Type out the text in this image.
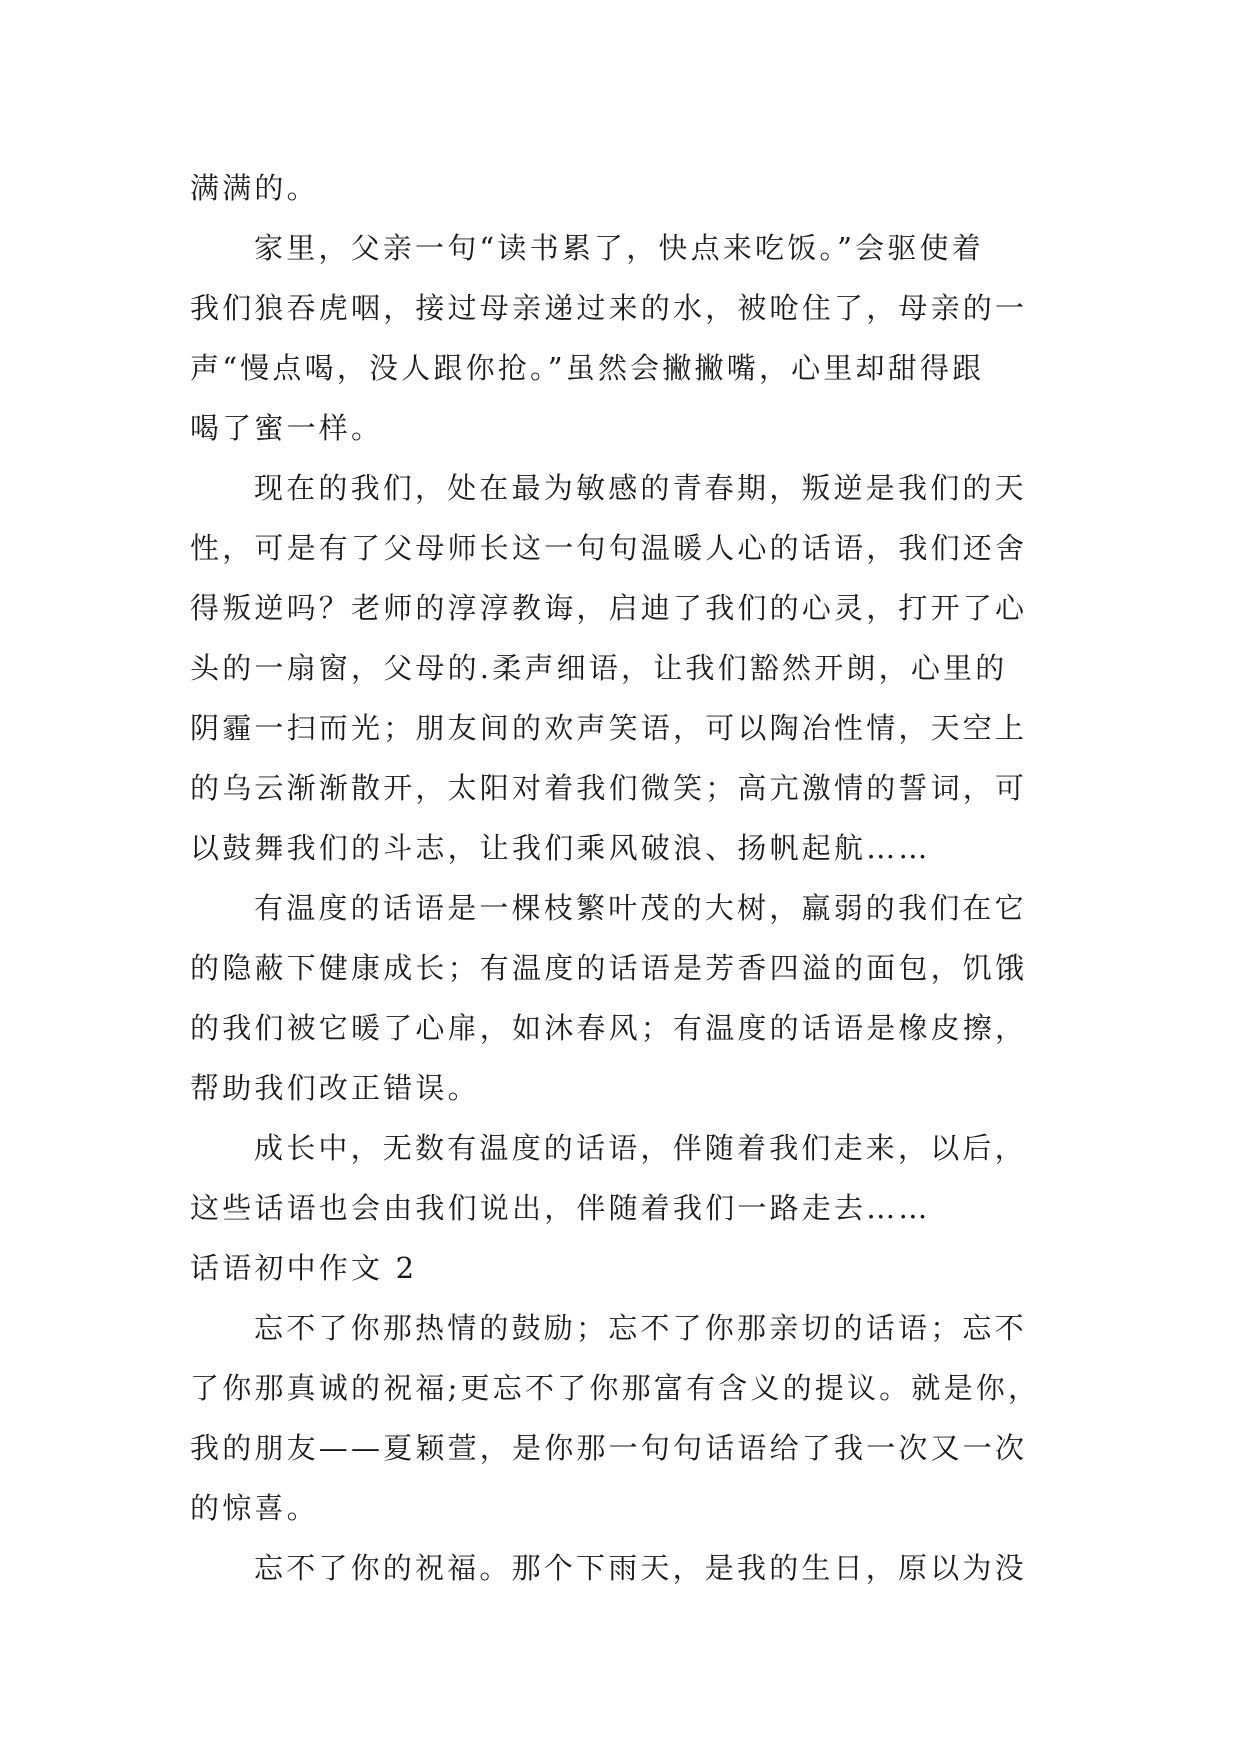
满满的。
家里，父亲一句“读书累了，快点来吃饭。”会驱使着
我们狼吞虎咽，接过母亲递过来的水，被呛住了，母亲的一
声“慢点喝，没人跟你抢。”虽然会撇撇嘴，心里却甜得跟
喝了蜜一样。
现在的我们，处在最为敏感的青春期，叛逆是我们的天
性，可是有了父母师长这一句句温暖人心的话语，我们还舍
得叛逆吗？老师的淳淳教诲，启迪了我们的心灵，打开了心
头的一扇窗，父母的.柔声细语，让我们豁然开朗，心里的
阴霾一扫而光；朋友间的欢声笑语，可以陶冶性情，天空上
的乌云渐渐散开，太阳对着我们微笑；高亢激情的誓词，可
以鼓舞我们的斗志，让我们乘风破浪、扬帆起航……
有温度的话语是一棵枝繁叶茂的大树，羸弱的我们在它
的隐蔽下健康成长；有温度的话语是芳香四溢的面包，饥饿
的我们被它暖了心扉，如沐春风；有温度的话语是橡皮擦，
帮助我们改正错误。
成长中，无数有温度的话语，伴随着我们走来，以后，
这些话语也会由我们说出，伴随着我们一路走去……
话语初中作文 2
忘不了你那热情的鼓励；忘不了你那亲切的话语；忘不
了你那真诚的祝福;更忘不了你那富有含义的提议。就是你，
我的朋友——夏颖萱，是你那一句句话语给了我一次又一次
的惊喜。
忘不了你的祝福。那个下雨天，是我的生日，原以为没
